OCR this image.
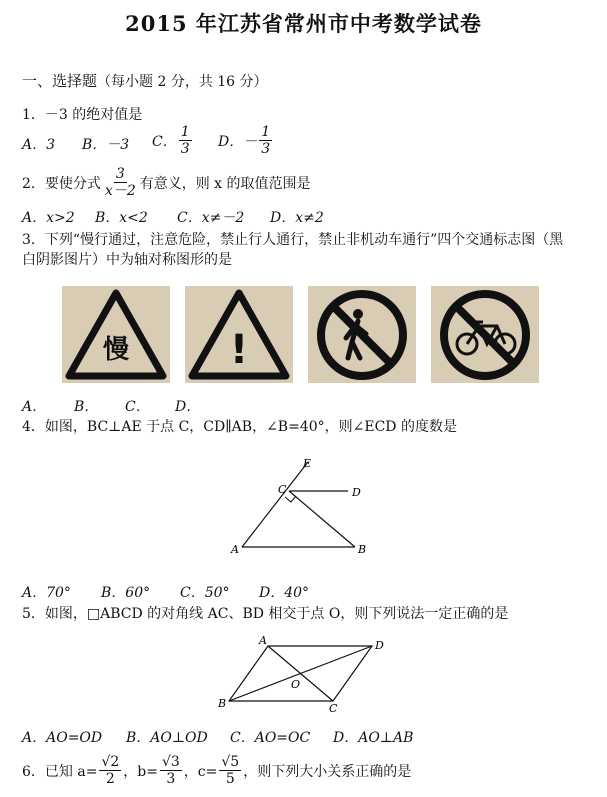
2015 年江苏省常州市中考数学试卷
一、选择题（每小题 2 分，共 16 分）
1．－3 的绝对值是
A．3 B．－3 C． $\frac{1}{3}$ D．－ $\frac{1}{3}$
2．要使分式 $\frac{3}{x-2}$ 有意义，则 x 的取值范围是
A．x>2 B．x<2 C．x≠－2 D．x≠2
3．下列“慢行通过，注意危险，禁止行人通行，禁止非机动车通行”四个交通标志图（黑
白阴影图片）中为轴对称图形的是
慢	!
A． B． C． D．
4．如图，BC⊥AE 于点 C，CD∥AB，∠B=40°，则∠ECD 的度数是
E
C	D
A	B
A	D
B	C
O
A．70° B．60° C．50° D．40°
5．如图，□ABCD 的对角线 AC、BD 相交于点 O，则下列说法一定正确的是
A．AO=OD B．AO⊥OD C．AO=OC D．AO⊥AB
6．已知 $a= \frac{√2}{2}$ ，$b= \frac{√3}{3}$ ，$c= \frac{√5}{5}$ ，则下列大小关系正确的是
